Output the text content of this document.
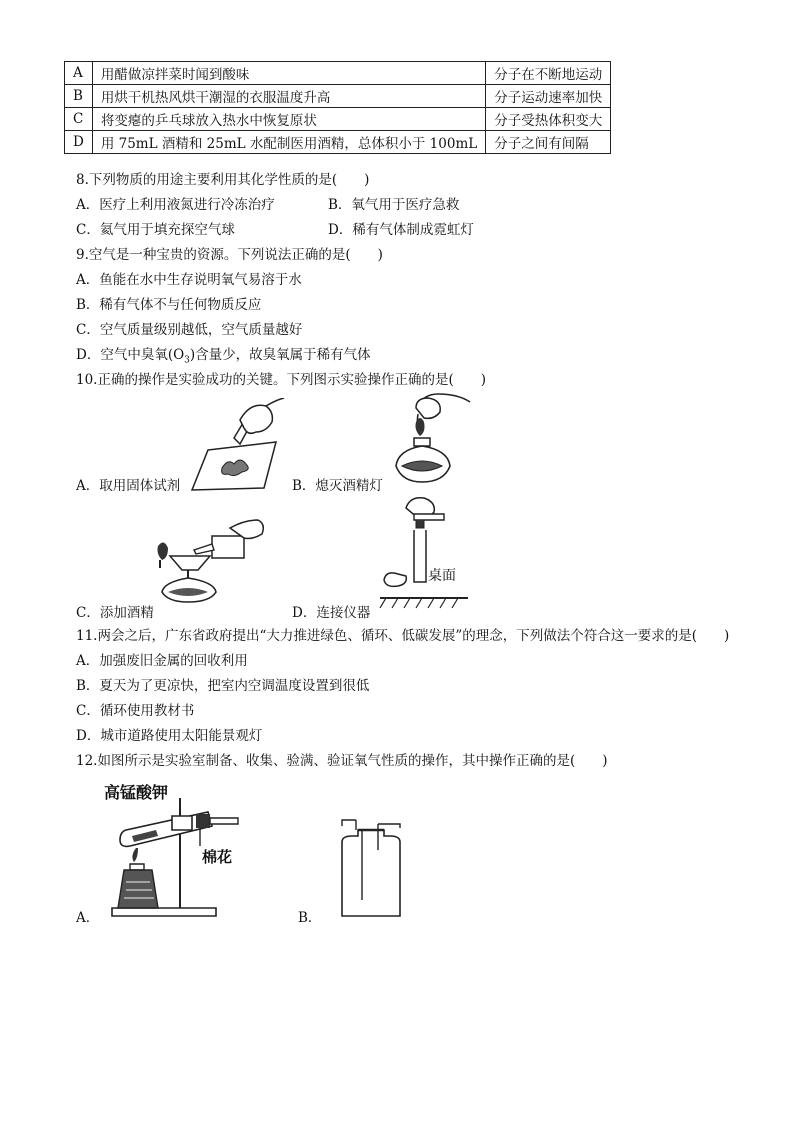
A	用醋做凉拌菜时闻到酸味	分子在不断地运动
B	用烘干机热风烘干潮湿的衣服温度升高	分子运动速率加快
C	将变瘪的乒乓球放入热水中恢复原状	分子受热体积变大
D	用 75mL 酒精和 25mL 水配制医用酒精，总体积小于 100mL	分子之间有间隔
8.下列物质的用途主要利用其化学性质的是(　　)
A．医疗上利用液氮进行冷冻治疗	B．氧气用于医疗急救
C．氦气用于填充探空气球	D．稀有气体制成霓虹灯
9.空气是一种宝贵的资源。下列说法正确的是(　　)
A．鱼能在水中生存说明氧气易溶于水
B．稀有气体不与任何物质反应
C．空气质量级别越低，空气质量越好
D．空气中臭氧$(O_3)$含量少，故臭氧属于稀有气体
10.正确的操作是实验成功的关键。下列图示实验操作正确的是(　　)
A．取用固体试剂	B．熄灭酒精灯
C．添加酒精
桌面
D．连接仪器
11.两会之后，广东省政府提出“大力推进绿色、循环、低碳发展”的理念，下列做法个符合这一要求的是(　　)
A．加强废旧金属的回收利用
B．夏天为了更凉快，把室内空调温度设置到很低
C．循环使用教材书
D．城市道路使用太阳能景观灯
12.如图所示是实验室制备、收集、验满、验证氧气性质的操作，其中操作正确的是(　　)
高锰酸钾
棉花
A．	B．
